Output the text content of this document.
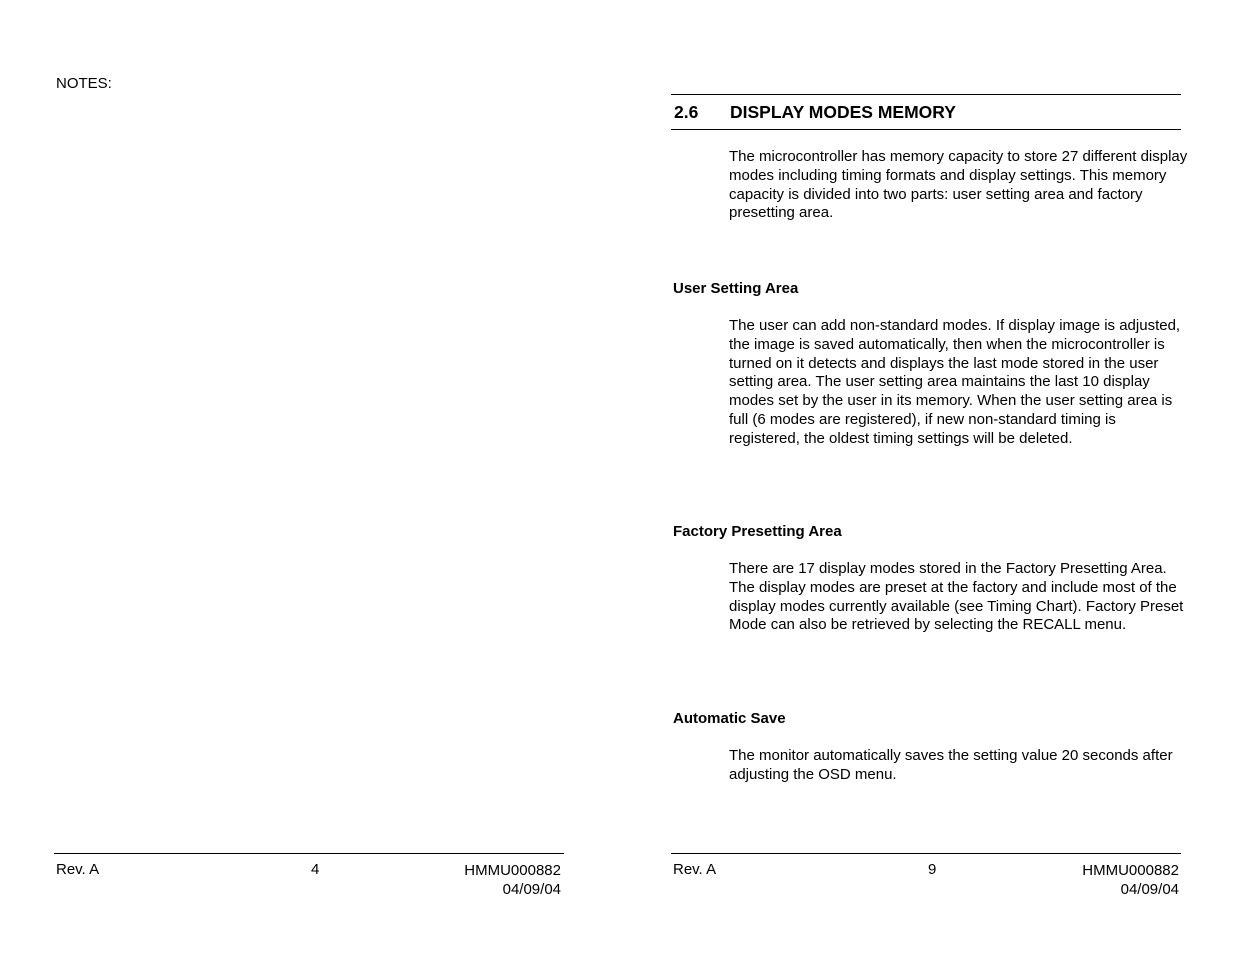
NOTES:
Rev. A	4	HMMU000882
04/09/04
2.6 DISPLAY MODES MEMORY
The microcontroller has memory capacity to store 27 different display modes including timing formats and display settings. This memory capacity is divided into two parts: user setting area and factory presetting area.
User Setting Area
The user can add non-standard modes. If display image is adjusted, the image is saved automatically, then when the microcontroller is turned on it detects and displays the last mode stored in the user setting area. The user setting area maintains the last 10 display modes set by the user in its memory. When the user setting area is full (6 modes are registered), if new non-standard timing is registered, the oldest timing settings will be deleted.
Factory Presetting Area
There are 17 display modes stored in the Factory Presetting Area. The display modes are preset at the factory and include most of the display modes currently available (see Timing Chart). Factory Preset Mode can also be retrieved by selecting the RECALL menu.
Automatic Save
The monitor automatically saves the setting value 20 seconds after adjusting the OSD menu.
Rev. A	9	HMMU000882
04/09/04
